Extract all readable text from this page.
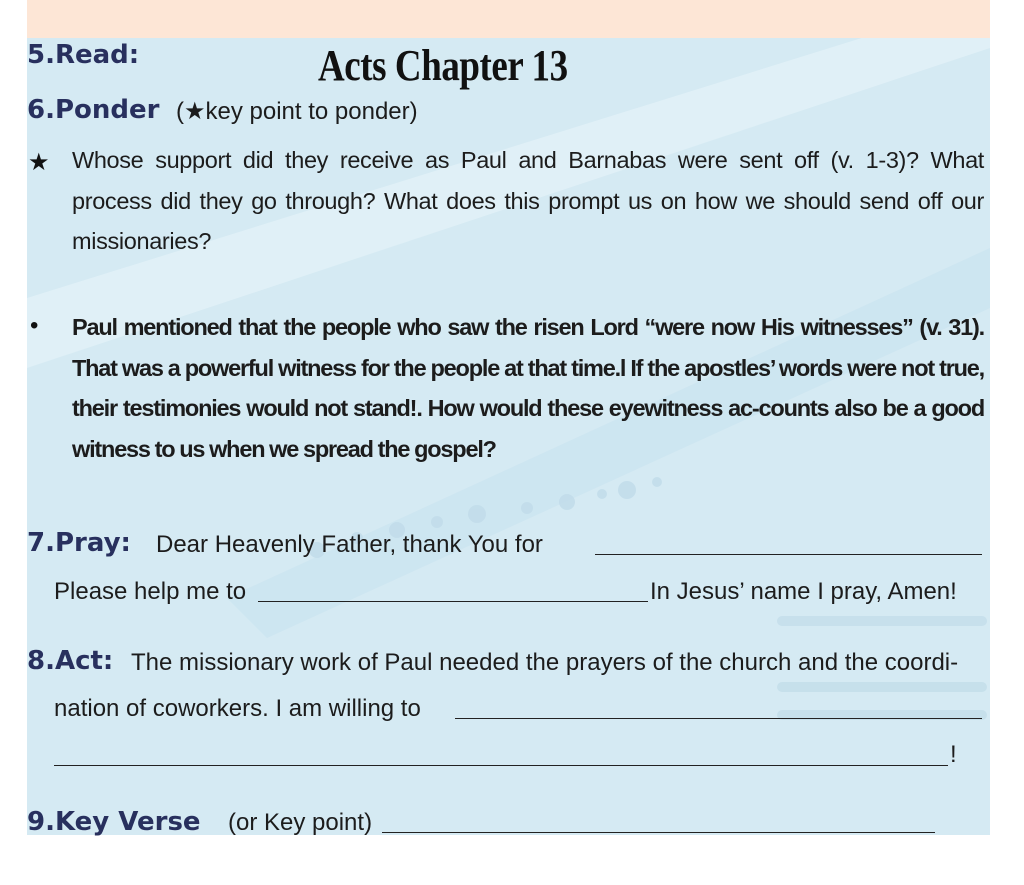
5.Read:	Acts Chapter 13
6.Ponder (★key point to ponder)
★ Whose support did they receive as Paul and Barnabas were sent off (v. 1-3)? What process did they go through? What does this prompt us on how we should send off our missionaries?
• Paul mentioned that the people who saw the risen Lord “were now His witnesses” (v. 31). That was a powerful witness for the people at that time.l If the apostles’ words were not true, their testimonies would not stand!. How would these eyewitness ac-counts also be a good witness to us when we spread the gospel?
7.Pray: Dear Heavenly Father, thank You for
Please help me to	In Jesus’ name I pray, Amen!
8.Act: The missionary work of Paul needed the prayers of the church and the coordi-
nation of coworkers. I am willing to
!
9.Key Verse (or Key point)
